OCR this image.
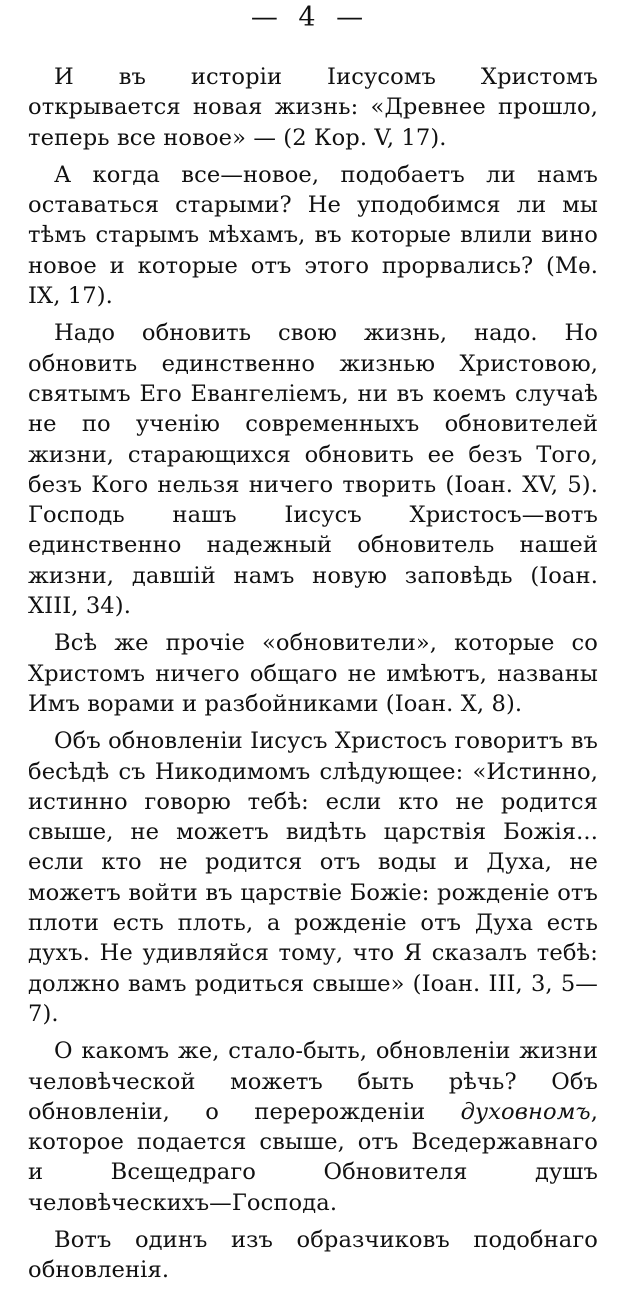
— 4 —

И въ исторіи Іисусомъ Христомъ открывается новая жизнь: «Древнее прошло, теперь все новое» — (2 Кор. V, 17).

А когда все—новое, подобаетъ ли намъ оставаться старыми? Не уподобимся ли мы тѣмъ старымъ мѣхамъ, въ которые влили вино новое и которые отъ этого прорвались? (Мѳ. IX, 17).

Надо обновить свою жизнь, надо. Но обновить единственно жизнью Христовою, святымъ Его Евангеліемъ, ни въ коемъ случаѣ не по ученію современныхъ обновителей жизни, старающихся обновить ее безъ Того, безъ Кого нельзя ничего творить (Іоан. XV, 5). Господь нашъ Іисусъ Христосъ—вотъ единственно надежный обновитель нашей жизни, давшій намъ новую заповѣдь (Іоан. XIII, 34).

Всѣ же прочіе «обновители», которые со Христомъ ничего общаго не имѣютъ, названы Имъ ворами и разбойниками (Іоан. X, 8).

Объ обновленіи Іисусъ Христосъ говоритъ въ бесѣдѣ съ Никодимомъ слѣдующее: «Истинно, истинно говорю тебѣ: если кто не родится свыше, не можетъ видѣть царствія Божія... если кто не родится отъ воды и Духа, не можетъ войти въ царствіе Божіе: рожденіе отъ плоти есть плоть, а рожденіе отъ Духа есть духъ. Не удивляйся тому, что Я сказалъ тебѣ: должно вамъ родиться свыше» (Іоан. III, 3, 5—7).

О какомъ же, стало-быть, обновленіи жизни человѣческой можетъ быть рѣчь? Объ обновленіи, о перерожденіи духовномъ, которое подается свыше, отъ Вседержавнаго и Всещедраго Обновителя душъ человѣческихъ—Господа.

Вотъ одинъ изъ образчиковъ подобнаго обновленія.
